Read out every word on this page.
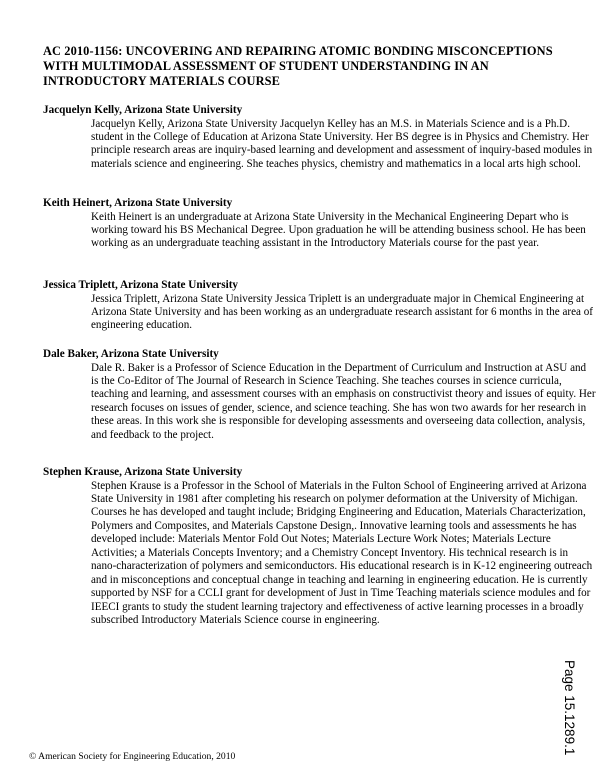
AC 2010-1156: UNCOVERING AND REPAIRING ATOMIC BONDING MISCONCEPTIONS WITH MULTIMODAL ASSESSMENT OF STUDENT UNDERSTANDING IN AN INTRODUCTORY MATERIALS COURSE
Jacquelyn Kelly, Arizona State University
Jacquelyn Kelly, Arizona State University Jacquelyn Kelley has an M.S. in Materials Science and is a Ph.D. student in the College of Education at Arizona State University. Her BS degree is in Physics and Chemistry. Her principle research areas are inquiry-based learning and development and assessment of inquiry-based modules in materials science and engineering. She teaches physics, chemistry and mathematics in a local arts high school.
Keith Heinert, Arizona State University
Keith Heinert is an undergraduate at Arizona State University in the Mechanical Engineering Depart who is working toward his BS Mechanical Degree. Upon graduation he will be attending business school. He has been working as an undergraduate teaching assistant in the Introductory Materials course for the past year.
Jessica Triplett, Arizona State University
Jessica Triplett, Arizona State University Jessica Triplett is an undergraduate major in Chemical Engineering at Arizona State University and has been working as an undergraduate research assistant for 6 months in the area of engineering education.
Dale Baker, Arizona State University
Dale R. Baker is a Professor of Science Education in the Department of Curriculum and Instruction at ASU and is the Co-Editor of The Journal of Research in Science Teaching. She teaches courses in science curricula, teaching and learning, and assessment courses with an emphasis on constructivist theory and issues of equity. Her research focuses on issues of gender, science, and science teaching. She has won two awards for her research in these areas. In this work she is responsible for developing assessments and overseeing data collection, analysis, and feedback to the project.
Stephen Krause, Arizona State University
Stephen Krause is a Professor in the School of Materials in the Fulton School of Engineering arrived at Arizona State University in 1981 after completing his research on polymer deformation at the University of Michigan. Courses he has developed and taught include; Bridging Engineering and Education, Materials Characterization, Polymers and Composites, and Materials Capstone Design,. Innovative learning tools and assessments he has developed include: Materials Mentor Fold Out Notes; Materials Lecture Work Notes; Materials Lecture Activities; a Materials Concepts Inventory; and a Chemistry Concept Inventory. His technical research is in nano-characterization of polymers and semiconductors. His educational research is in K-12 engineering outreach and in misconceptions and conceptual change in teaching and learning in engineering education. He is currently supported by NSF for a CCLI grant for development of Just in Time Teaching materials science modules and for IEECI grants to study the student learning trajectory and effectiveness of active learning processes in a broadly subscribed Introductory Materials Science course in engineering.
Page 15.1289.1
© American Society for Engineering Education, 2010
